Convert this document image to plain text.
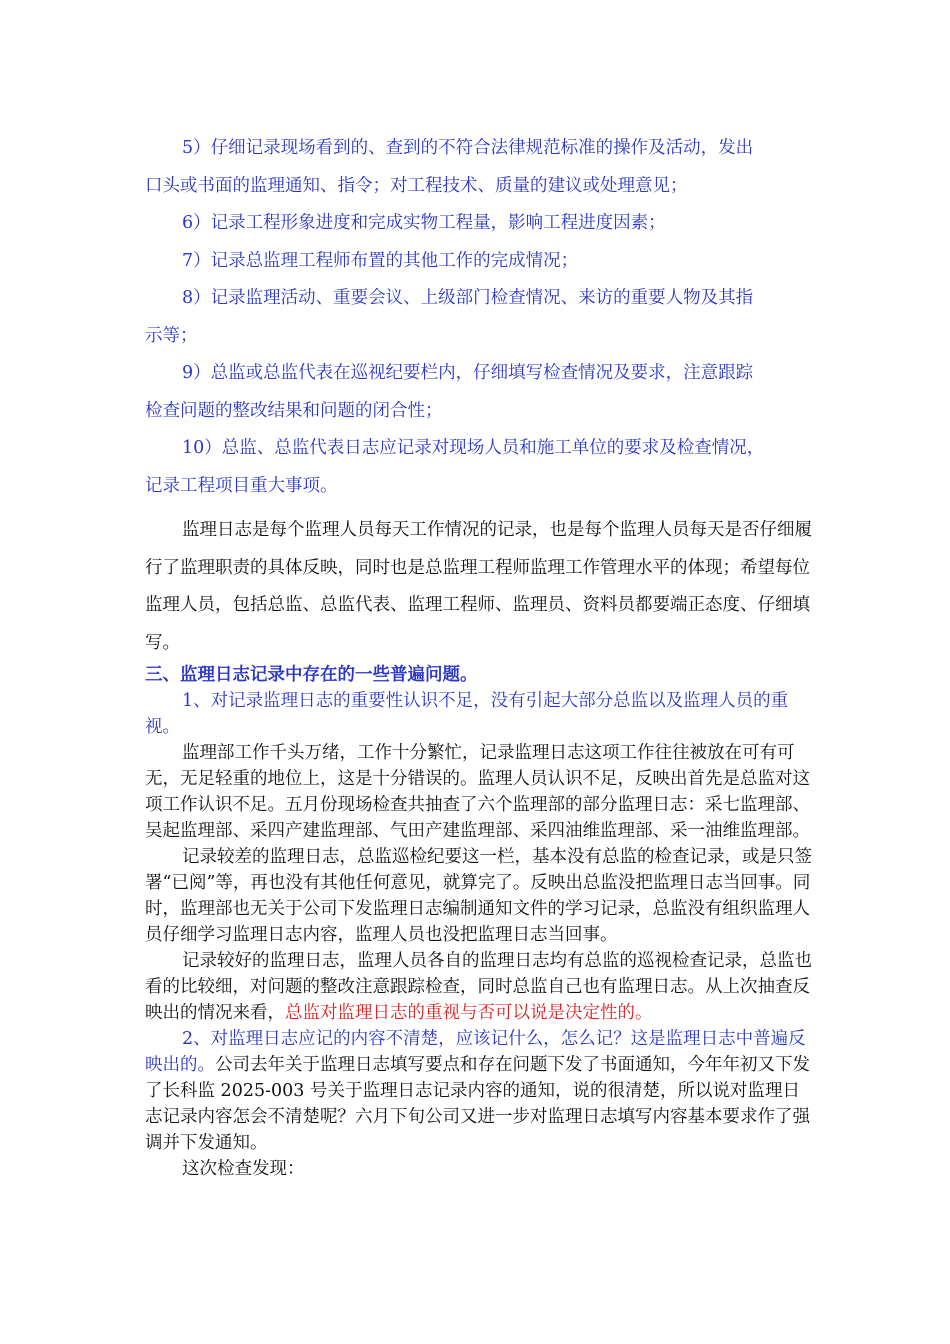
5）仔细记录现场看到的、查到的不符合法律规范标准的操作及活动，发出

口头或书面的监理通知、指令；对工程技术、质量的建议或处理意见；

6）记录工程形象进度和完成实物工程量，影响工程进度因素；

7）记录总监理工程师布置的其他工作的完成情况；

8）记录监理活动、重要会议、上级部门检查情况、来访的重要人物及其指

示等；

9）总监或总监代表在巡视纪要栏内，仔细填写检查情况及要求，注意跟踪

检查问题的整改结果和问题的闭合性；

10）总监、总监代表日志应记录对现场人员和施工单位的要求及检查情况，

记录工程项目重大事项。

监理日志是每个监理人员每天工作情况的记录，也是每个监理人员每天是否仔细履行了监理职责的具体反映，同时也是总监理工程师监理工作管理水平的体现；希望每位监理人员，包括总监、总监代表、监理工程师、监理员、资料员都要端正态度、仔细填写。

三、监理日志记录中存在的一些普遍问题。

1、对记录监理日志的重要性认识不足，没有引起大部分总监以及监理人员的重视。

监理部工作千头万绪，工作十分繁忙，记录监理日志这项工作往往被放在可有可无，无足轻重的地位上，这是十分错误的。监理人员认识不足，反映出首先是总监对这项工作认识不足。五月份现场检查共抽查了六个监理部的部分监理日志：采七监理部、吴起监理部、采四产建监理部、气田产建监理部、采四油维监理部、采一油维监理部。

记录较差的监理日志，总监巡检纪要这一栏，基本没有总监的检查记录，或是只签署“已阅”等，再也没有其他任何意见，就算完了。反映出总监没把监理日志当回事。同时，监理部也无关于公司下发监理日志编制通知文件的学习记录，总监没有组织监理人员仔细学习监理日志内容，监理人员也没把监理日志当回事。

记录较好的监理日志，监理人员各自的监理日志均有总监的巡视检查记录，总监也看的比较细，对问题的整改注意跟踪检查，同时总监自己也有监理日志。从上次抽查反映出的情况来看，总监对监理日志的重视与否可以说是决定性的。

2、对监理日志应记的内容不清楚，应该记什么，怎么记？这是监理日志中普遍反映出的。公司去年关于监理日志填写要点和存在问题下发了书面通知，今年年初又下发了长科监 2025-003 号关于监理日志记录内容的通知，说的很清楚，所以说对监理日志记录内容怎会不清楚呢？六月下旬公司又进一步对监理日志填写内容基本要求作了强调并下发通知。

这次检查发现：
